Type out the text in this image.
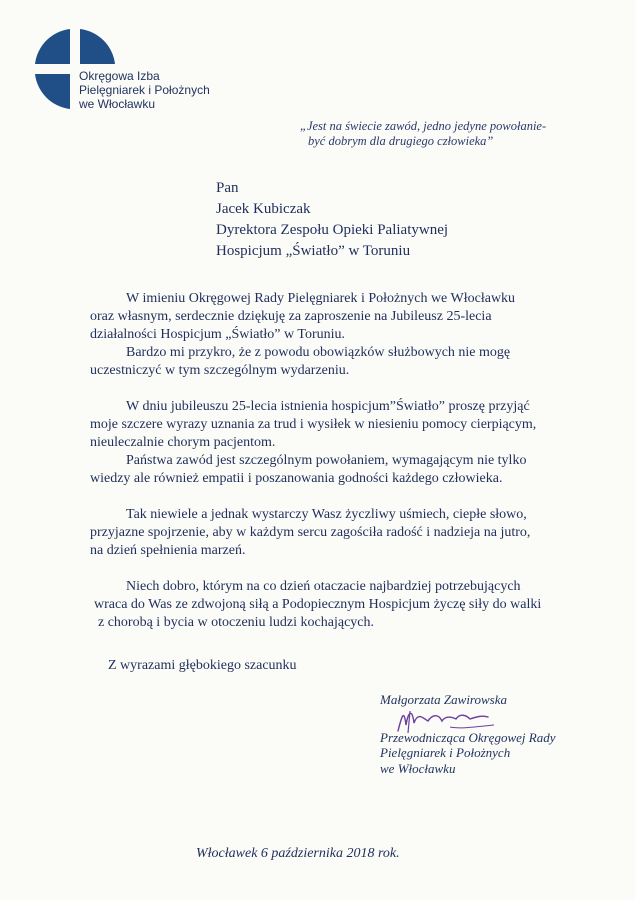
Okręgowa Izba
Pielęgniarek i Położnych
we Włocławku
„Jest na świecie zawód, jedno jedyne powołanie-
być dobrym dla drugiego człowieka”
Pan
Jacek Kubiczak
Dyrektora Zespołu Opieki Paliatywnej
Hospicjum „Światło” w Toruniu
W imieniu Okręgowej Rady Pielęgniarek i Położnych we Włocławku
oraz własnym, serdecznie dziękuję za zaproszenie na Jubileusz 25-lecia
działalności Hospicjum „Światło” w Toruniu.
Bardzo mi przykro, że z powodu obowiązków służbowych nie mogę
uczestniczyć w tym szczególnym wydarzeniu.
W dniu jubileuszu 25-lecia istnienia hospicjum”Światło” proszę przyjąć
moje szczere wyrazy uznania za trud i wysiłek w niesieniu pomocy cierpiącym,
nieuleczalnie chorym pacjentom.
Państwa zawód jest szczególnym powołaniem, wymagającym nie tylko
wiedzy ale również empatii i poszanowania godności każdego człowieka.
Tak niewiele a jednak wystarczy Wasz życzliwy uśmiech, ciepłe słowo,
przyjazne spojrzenie, aby w każdym sercu zagościła radość i nadzieja na jutro,
na dzień spełnienia marzeń.
Niech dobro, którym na co dzień otaczacie najbardziej potrzebujących
wraca do Was ze zdwojoną siłą a Podopiecznym Hospicjum życzę siły do walki
z chorobą i bycia w otoczeniu ludzi kochających.
Z wyrazami głębokiego szacunku
Małgorzata Zawirowska
Przewodnicząca Okręgowej Rady
Pielęgniarek i Położnych
we Włocławku
Włocławek 6 października 2018 rok.
